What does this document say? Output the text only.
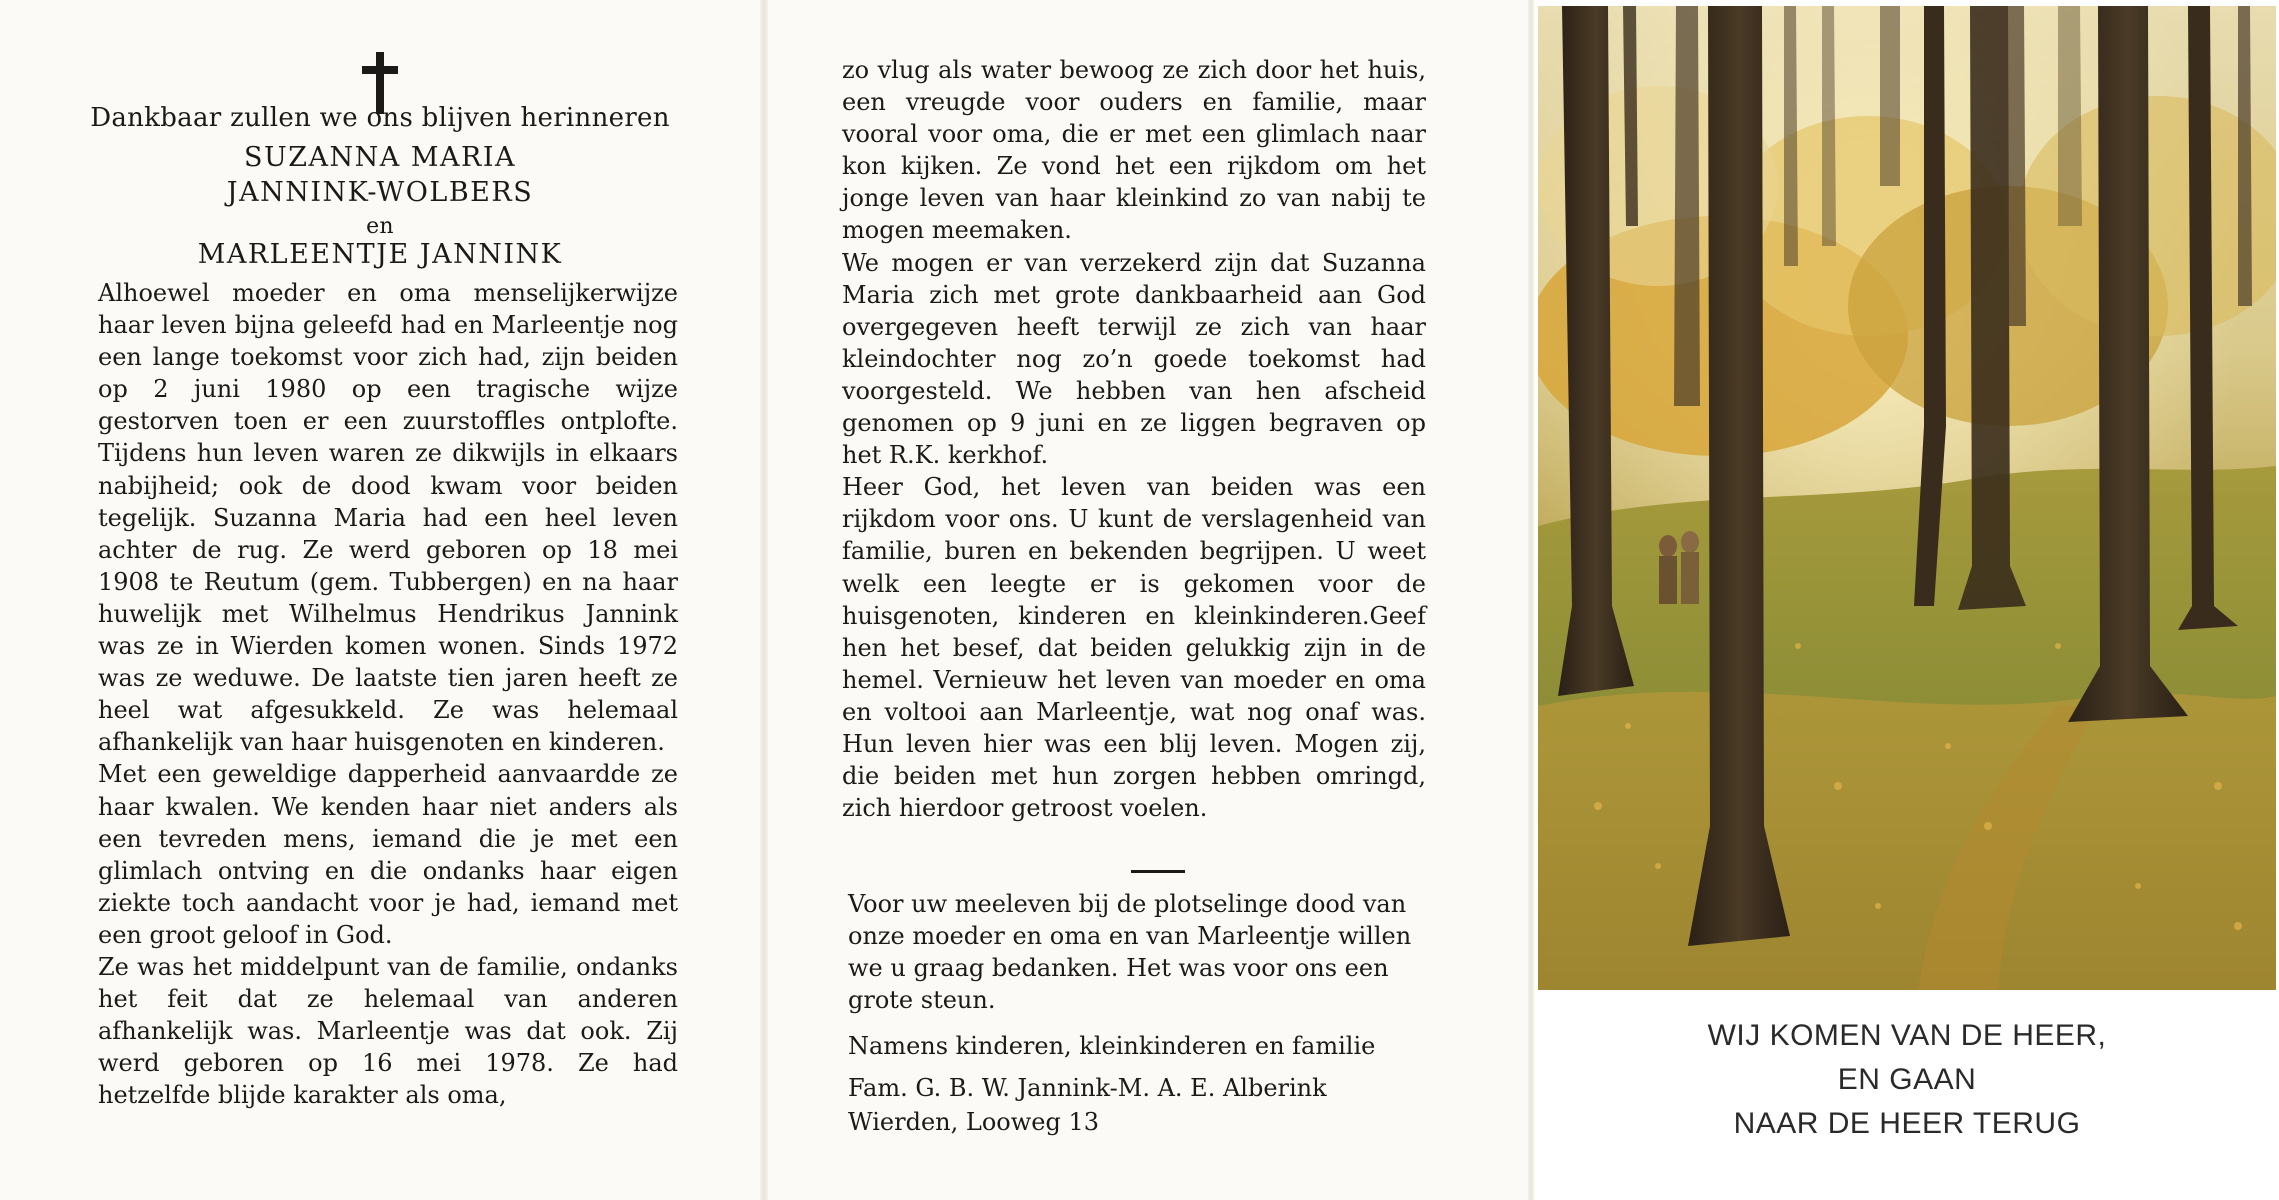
Dankbaar zullen we ons blijven herinneren
SUZANNA MARIA
JANNINK-WOLBERS
en
MARLEENTJE JANNINK

Alhoewel moeder en oma menselijkerwijze haar leven bijna geleefd had en Marleentje nog een lange toekomst voor zich had, zijn beiden op 2 juni 1980 op een tragische wijze gestorven toen er een zuurstoffles ontplofte. Tijdens hun leven waren ze dikwijls in elkaars nabijheid; ook de dood kwam voor beiden tegelijk. Suzanna Maria had een heel leven achter de rug. Ze werd geboren op 18 mei 1908 te Reutum (gem. Tubbergen) en na haar huwelijk met Wilhelmus Hendrikus Jannink was ze in Wierden komen wonen. Sinds 1972 was ze weduwe. De laatste tien jaren heeft ze heel wat afgesukkeld. Ze was helemaal afhankelijk van haar huisgenoten en kinderen.

Met een geweldige dapperheid aanvaardde ze haar kwalen. We kenden haar niet anders als een tevreden mens, iemand die je met een glimlach ontving en die ondanks haar eigen ziekte toch aandacht voor je had, iemand met een groot geloof in God.

Ze was het middelpunt van de familie, ondanks het feit dat ze helemaal van anderen afhankelijk was. Marleentje was dat ook. Zij werd geboren op 16 mei 1978. Ze had hetzelfde blijde karakter als oma,

zo vlug als water bewoog ze zich door het huis, een vreugde voor ouders en familie, maar vooral voor oma, die er met een glimlach naar kon kijken. Ze vond het een rijkdom om het jonge leven van haar kleinkind zo van nabij te mogen meemaken.

We mogen er van verzekerd zijn dat Suzanna Maria zich met grote dankbaarheid aan God overgegeven heeft terwijl ze zich van haar kleindochter nog zo’n goede toekomst had voorgesteld. We hebben van hen afscheid genomen op 9 juni en ze liggen begraven op het R.K. kerkhof.

Heer God, het leven van beiden was een rijkdom voor ons. U kunt de verslagenheid van familie, buren en bekenden begrijpen. U weet welk een leegte er is gekomen voor de huisgenoten, kinderen en kleinkinderen.Geef hen het besef, dat beiden gelukkig zijn in de hemel. Vernieuw het leven van moeder en oma en voltooi aan Marleentje, wat nog onaf was. Hun leven hier was een blij leven. Mogen zij, die beiden met hun zorgen hebben omringd, zich hierdoor getroost voelen.

Voor uw meeleven bij de plotselinge dood van onze moeder en oma en van Marleentje willen we u graag bedanken. Het was voor ons een grote steun.

Namens kinderen, kleinkinderen en familie
Fam. G. B. W. Jannink-M. A. E. Alberink
Wierden, Looweg 13
WIJ KOMEN VAN DE HEER,
EN GAAN
NAAR DE HEER TERUG
